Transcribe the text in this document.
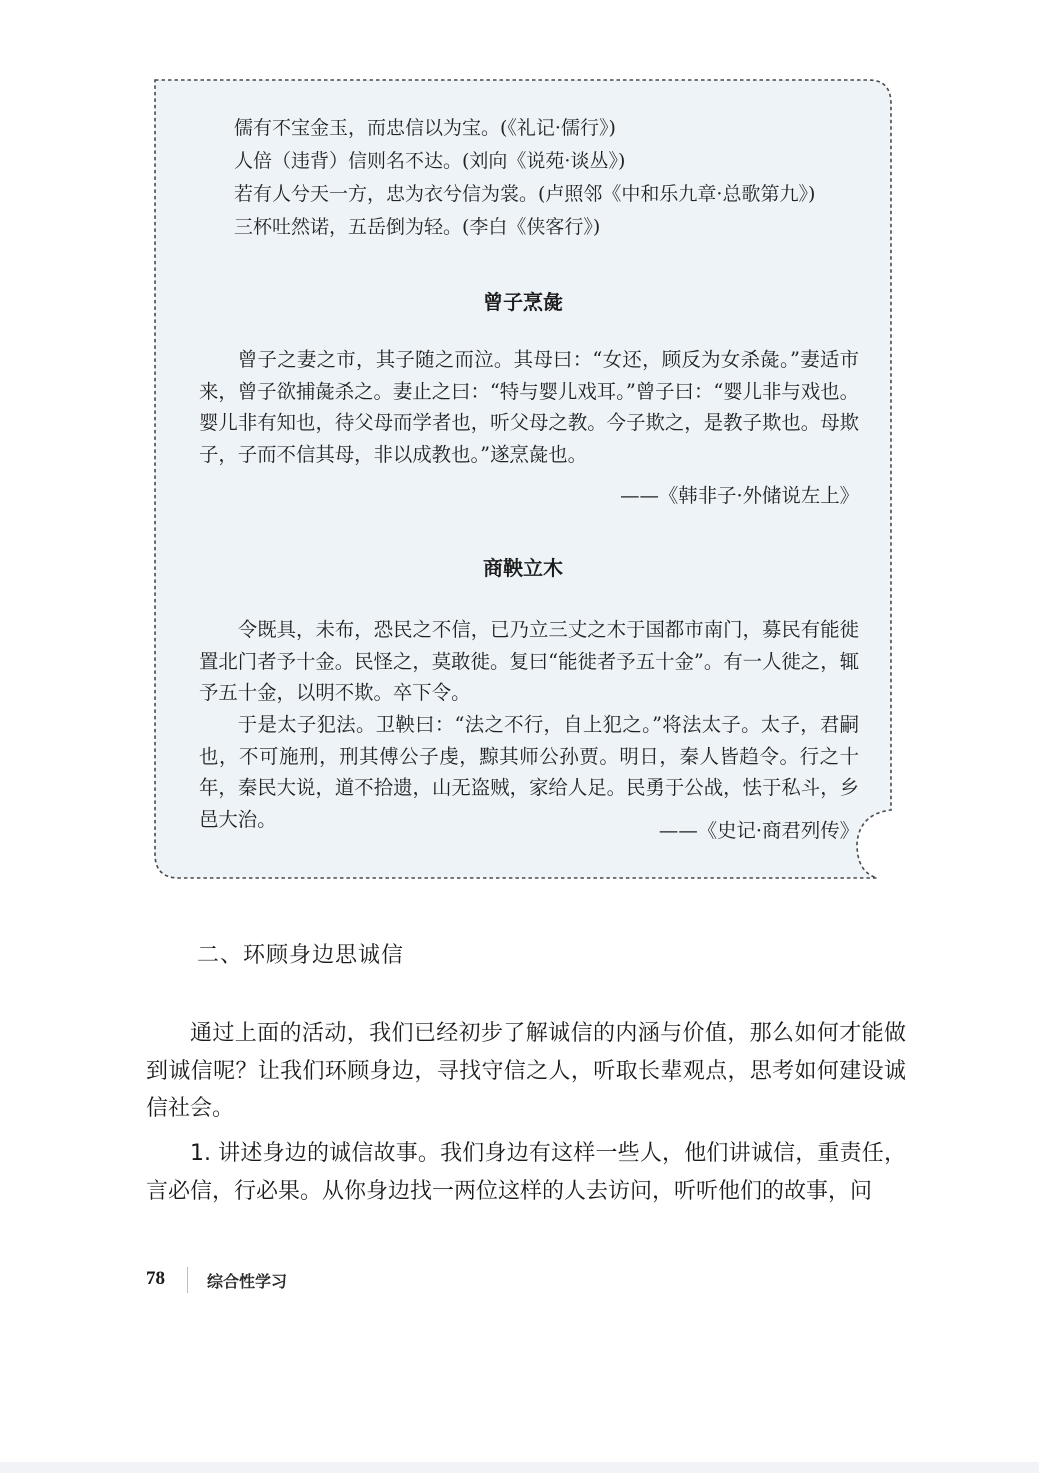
儒有不宝金玉，而忠信以为宝。(《礼记·儒行》)
人倍（违背）信则名不达。(刘向《说苑·谈丛》)
若有人兮天一方，忠为衣兮信为裳。(卢照邻《中和乐九章·总歌第九》)
三杯吐然诺，五岳倒为轻。(李白《侠客行》)
曾子烹彘
曾子之妻之市，其子随之而泣。其母曰：“女还，顾反为女杀彘。”妻适市来，曾子欲捕彘杀之。妻止之曰：“特与婴儿戏耳。”曾子曰：“婴儿非与戏也。婴儿非有知也，待父母而学者也，听父母之教。今子欺之，是教子欺也。母欺子，子而不信其母，非以成教也。”遂烹彘也。
——《韩非子·外储说左上》
商鞅立木
令既具，未布，恐民之不信，已乃立三丈之木于国都市南门，募民有能徙置北门者予十金。民怪之，莫敢徙。复曰“能徙者予五十金”。有一人徙之，辄予五十金，以明不欺。卒下令。
于是太子犯法。卫鞅曰：“法之不行，自上犯之。”将法太子。太子，君嗣也，不可施刑，刑其傅公子虔，黥其师公孙贾。明日，秦人皆趋令。行之十年，秦民大说，道不拾遗，山无盗贼，家给人足。民勇于公战，怯于私斗，乡邑大治。	——《史记·商君列传》
二、环顾身边思诚信
通过上面的活动，我们已经初步了解诚信的内涵与价值，那么如何才能做到诚信呢？让我们环顾身边，寻找守信之人，听取长辈观点，思考如何建设诚信社会。
1. 讲述身边的诚信故事。我们身边有这样一些人，他们讲诚信，重责任，言必信，行必果。从你身边找一两位这样的人去访问，听听他们的故事，问
78	综合性学习
